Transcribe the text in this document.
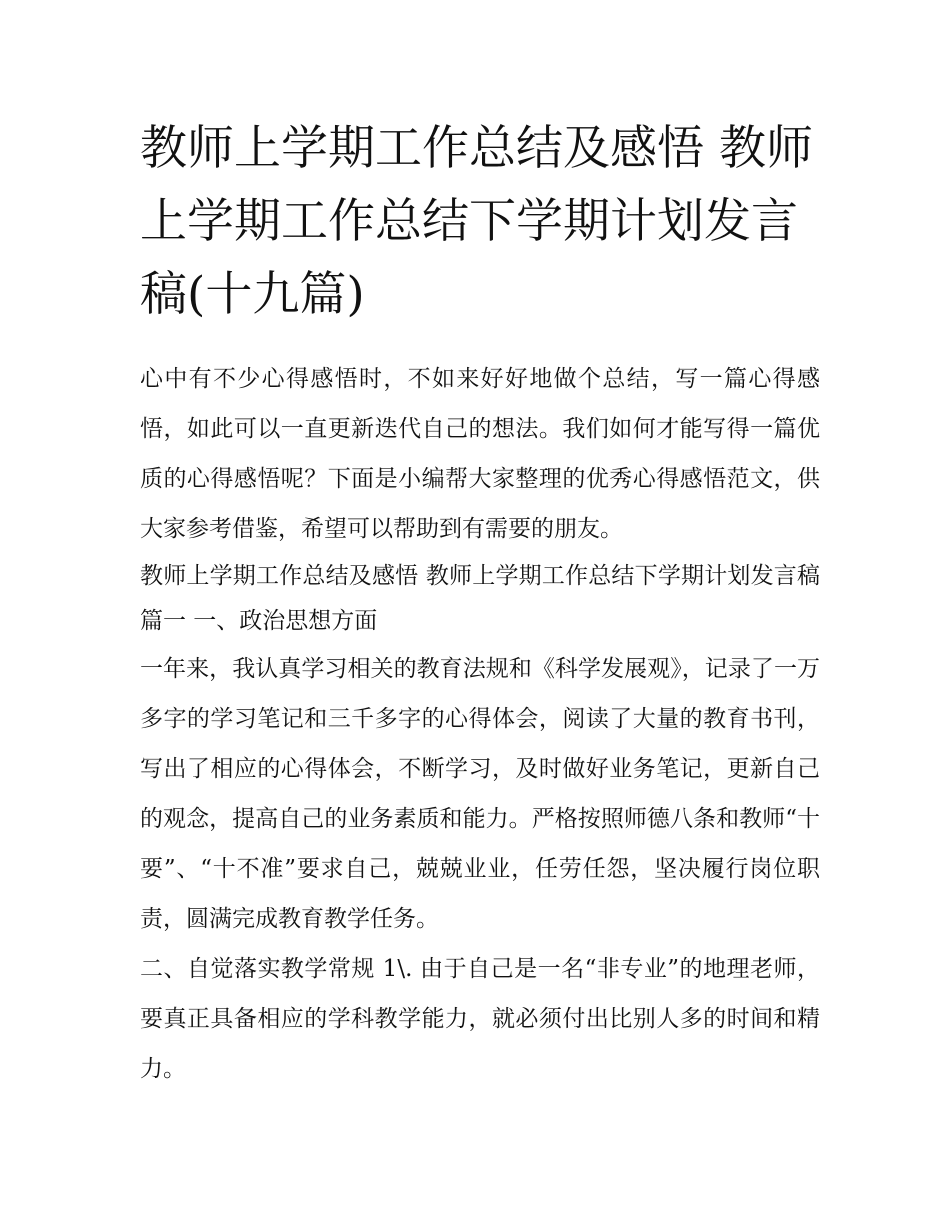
教师上学期工作总结及感悟 教师上学期工作总结下学期计划发言稿(十九篇)

心中有不少心得感悟时，不如来好好地做个总结，写一篇心得感悟，如此可以一直更新迭代自己的想法。我们如何才能写得一篇优质的心得感悟呢？下面是小编帮大家整理的优秀心得感悟范文，供大家参考借鉴，希望可以帮助到有需要的朋友。

教师上学期工作总结及感悟 教师上学期工作总结下学期计划发言稿篇一 一、政治思想方面

一年来，我认真学习相关的教育法规和《科学发展观》，记录了一万多字的学习笔记和三千多字的心得体会，阅读了大量的教育书刊，写出了相应的心得体会，不断学习，及时做好业务笔记，更新自己的观念，提高自己的业务素质和能力。严格按照师德八条和教师“十要”、“十不准”要求自己，兢兢业业，任劳任怨，坚决履行岗位职责，圆满完成教育教学任务。

二、自觉落实教学常规 1\. 由于自己是一名“非专业”的地理老师，要真正具备相应的学科教学能力，就必须付出比别人多的时间和精力。
